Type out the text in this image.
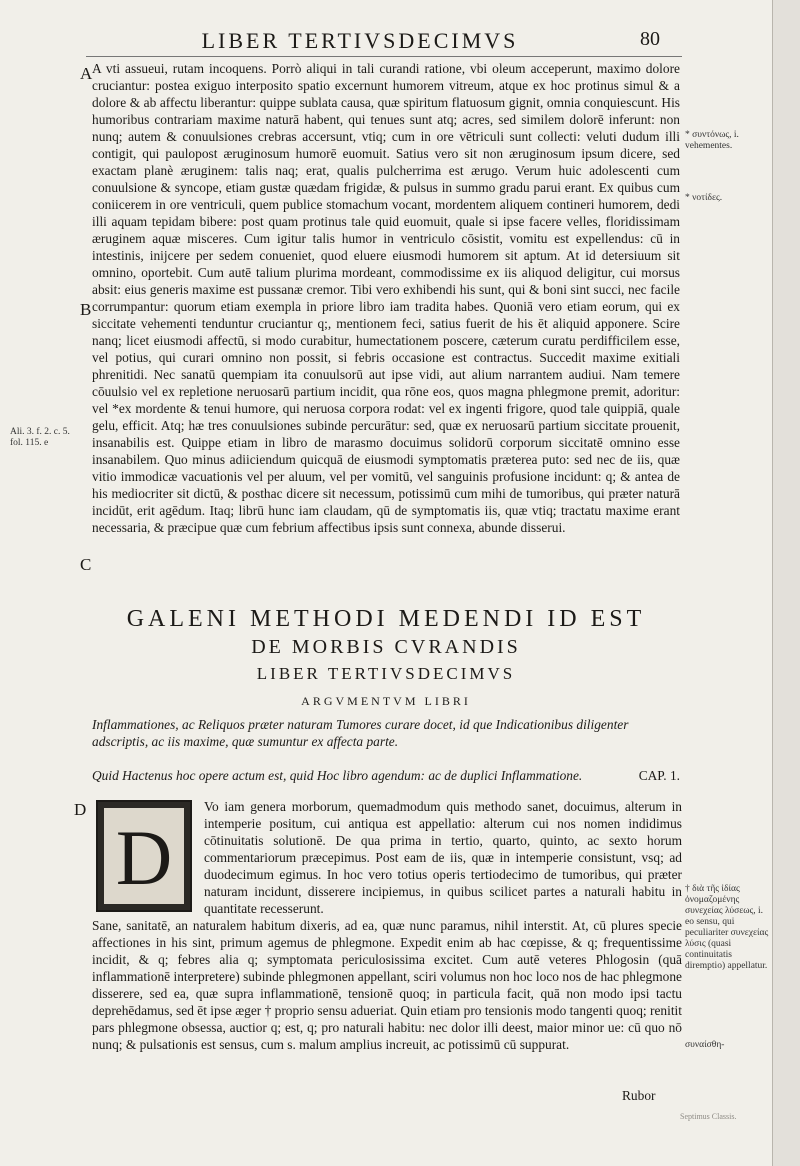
LIBER TERTIVSDECIMVS	80
A
B
C
D
Ali. 3. f. 2. c. 5.
fol. 115. e
* συντόνως, i. vehementes.
* νοτίδες.
† διὰ τῆς ἰδίας ὀνομαζομένης συνεχείας λύσεως, i. eo sensu, qui peculiariter συνεχείας λύσις (quasi continuitatis diremptio) appellatur.
συναίσθη-

A vti assueui, rutam incoquens. Porrò aliqui in tali curandi ratione, vbi oleum acceperunt, maximo dolore cruciantur: postea exiguo interposito spatio excernunt humorem vitreum, atque ex hoc protinus simul & a dolore & ab affectu liberantur: quippe sublata causa, quæ spiritum flatuosum gignit, omnia conquiescunt. His humoribus contrariam maxime naturā habent, qui tenues sunt atq; acres, sed similem dolorē inferunt: non nunq; autem & conuulsiones crebras accersunt, vtiq; cum in ore vētriculi sunt collecti: veluti dudum illi contigit, qui paulopost æruginosum humorē euomuit. Satius vero sit non æruginosum ipsum dicere, sed exactam planè æruginem: talis naq; erat, qualis pulcherrima est ærugo. Verum huic adolescenti cum conuulsione & syncope, etiam gustæ quædam frigidæ, & pulsus in summo gradu parui erant. Ex quibus cum coniicerem in ore ventriculi, quem publice stomachum vocant, mordentem aliquem contineri humorem, dedi illi aquam tepidam bibere: post quam protinus tale quid euomuit, quale si ipse facere velles, floridissimam æruginem aquæ misceres. Cum igitur talis humor in ventriculo cōsistit, vomitu est expellendus: cū in intestinis, inijcere per sedem conueniet, quod eluere eiusmodi humorem sit aptum. At id detersiuum sit omnino, oportebit. Cum autē talium plurima mordeant, commodissime ex iis aliquod deligitur, cui morsus absit: eius generis maxime est pussanæ cremor. Tibi vero exhibendi his sunt, qui & boni sint succi, nec facile corrumpantur: quorum etiam exempla in priore libro iam tradita habes. Quoniā vero etiam eorum, qui ex siccitate vehementi tenduntur cruciantur q;, mentionem feci, satius fuerit de his ēt aliquid apponere. Scire nanq; licet eiusmodi affectū, si modo curabitur, humectationem poscere, cæterum curatu perdifficilem esse, vel potius, qui curari omnino non possit, si febris occasione est contractus. Succedit maxime exitiali phrenitidi. Nec sanatū quempiam ita conuulsorū aut ipse vidi, aut alium narrantem audiui. Nam temere cōuulsio vel ex repletione neruosarū partium incidit, qua rōne eos, quos magna phlegmone premit, adoritur: vel *ex mordente & tenui humore, qui neruosa corpora rodat: vel ex ingenti frigore, quod tale quippiā, quale gelu, efficit. Atq; hæ tres conuulsiones subinde percurātur: sed, quæ ex neruosarū partium siccitate prouenit, insanabilis est. Quippe etiam in libro de marasmo docuimus solidorū corporum siccitatē omnino esse insanabilem. Quo minus adiiciendum quicquā de eiusmodi symptomatis præterea puto: sed nec de iis, quæ vitio immodicæ vacuationis vel per aluum, vel per vomitū, vel sanguinis profusione incidunt: q; & antea de his mediocriter sit dictū, & posthac dicere sit necessum, potissimū cum mihi de tumoribus, qui præter naturā incidūt, erit agēdum. Itaq; librū hunc iam claudam, qū de symptomatis iis, quæ vtiq; tractatu maxime erant necessaria, & præcipue quæ cum febrium affectibus ipsis sunt connexa, abunde disserui.

GALENI METHODI MEDENDI ID EST
DE MORBIS CVRANDIS
LIBER TERTIVSDECIMVS
ARGVMENTVM LIBRI
Inflammationes, ac Reliquos præter naturam Tumores curare docet, id que Indicationibus diligenter adscriptis, ac iis maxime, quæ sumuntur ex affecta parte.
Quid Hactenus hoc opere actum est, quid Hoc libro agendum: ac de duplici Inflammatione.	CAP. 1.
D
Vo iam genera morborum, quemadmodum quis methodo sanet, docuimus, alterum in intemperie positum, cui antiqua est appellatio: alterum cui nos nomen indidimus cōtinuitatis solutionē. De qua prima in tertio, quarto, quinto, ac sexto horum commentariorum præcepimus. Post eam de iis, quæ in intemperie consistunt, vsq; ad duodecimum egimus. In hoc vero totius operis tertiodecimo de tumoribus, qui præter naturam incidunt, disserere incipiemus, in quibus scilicet partes a naturali habitu in quantitate recesserunt.
Sane, sanitatē, an naturalem habitum dixeris, ad ea, quæ nunc paramus, nihil interstit. At, cū plures specie affectiones in his sint, primum agemus de phlegmone. Expedit enim ab hac cœpisse, & q; frequentissime incidit, & q; febres alia q; symptomata periculosissima excitet. Cum autē veteres Phlogosin (quā inflammationē interpretere) subinde phlegmonen appellant, sciri volumus non hoc loco nos de hac phlegmone disserere, sed ea, quæ supra inflammationē, tensionē quoq; in particula facit, quā non modo ipsi tactu deprehēdamus, sed ēt ipse æger † proprio sensu adueriat. Quin etiam pro tensionis modo tangenti quoq; renitit pars phlegmone obsessa, auctior q; est, q; pro naturali habitu: nec dolor illi deest, maior minor ue: cū quo nō nunq; & pulsationis est sensus, cum s. malum amplius increuit, ac potissimū cū suppurat.
Rubor
Septimus Classis.
